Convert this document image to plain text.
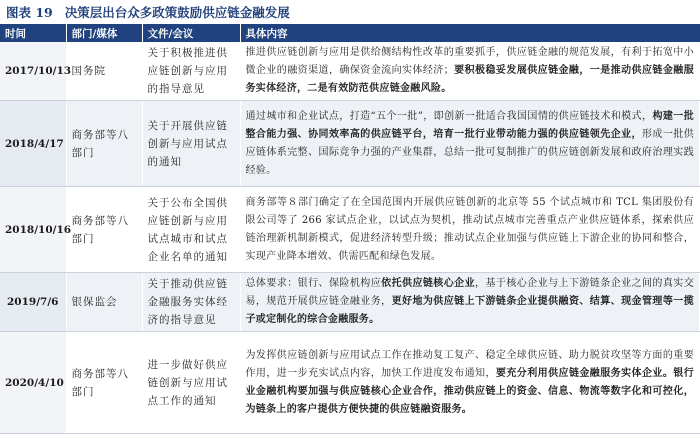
图表 19 决策层出台众多政策鼓励供应链金融发展
时间	部门/媒体	文件/会议	具体内容
2017/10/13	国务院	关于积极推进供应链创新与应用的指导意见	推进供应链创新与应用是供给侧结构性改革的重要抓手，供应链金融的规范发展，有利于拓宽中小微企业的融资渠道，确保资金流向实体经济；要积极稳妥发展供应链金融，一是推动供应链金融服务实体经济，二是有效防范供应链金融风险。
2018/4/17	商务部等八部门	关于开展供应链创新与应用试点的通知	通过城市和企业试点，打造“五个一批”，即创新一批适合我国国情的供应链技术和模式，构建一批整合能力强、协同效率高的供应链平台，培育一批行业带动能力强的供应链领先企业，形成一批供应链体系完整、国际竞争力强的产业集群，总结一批可复制推广的供应链创新发展和政府治理实践经验。
2018/10/16	商务部等八部门	关于公布全国供应链创新与应用试点城市和试点企业名单的通知	商务部等８部门确定了在全国范围内开展供应链创新的北京等 55 个试点城市和 TCL 集团股份有限公司等了 266 家试点企业，以试点为契机，推动试点城市完善重点产业供应链体系，探索供应链治理新机制新模式，促进经济转型升级；推动试点企业加强与供应链上下游企业的协同和整合，实现产业降本增效、供需匹配和绿色发展。
2019/7/6	银保监会	关于推动供应链金融服务实体经济的指导意见	总体要求：银行、保险机构应依托供应链核心企业，基于核心企业与上下游链条企业之间的真实交易，规范开展供应链金融业务，更好地为供应链上下游链条企业提供融资、结算、现金管理等一揽子或定制化的综合金融服务。
2020/4/10	商务部等八部门	进一步做好供应链创新与应用试点工作的通知	为发挥供应链创新与应用试点工作在推动复工复产、稳定全球供应链、助力脱贫攻坚等方面的重要作用，进一步充实试点内容，加快工作进度发布通知，要充分利用供应链金融服务实体企业。银行业金融机构要加强与供应链核心企业合作，推动供应链上的资金、信息、物流等数字化和可控化，为链条上的客户提供方便快捷的供应链融资服务。
